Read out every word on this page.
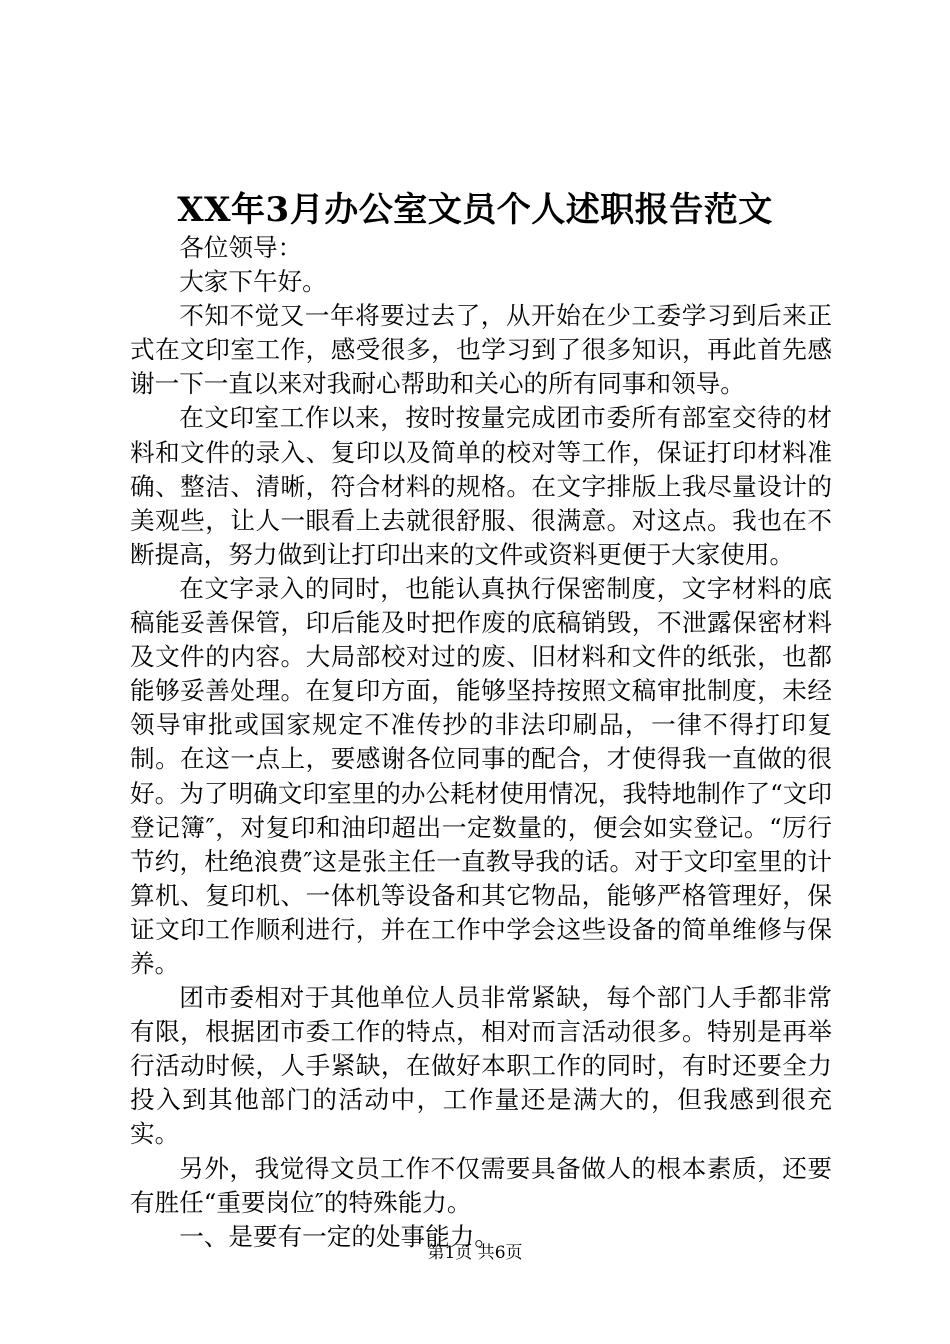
XX年3月办公室文员个人述职报告范文

各位领导：

大家下午好。

不知不觉又一年将要过去了，从开始在少工委学习到后来正式在文印室工作，感受很多，也学习到了很多知识，再此首先感谢一下一直以来对我耐心帮助和关心的所有同事和领导。

在文印室工作以来，按时按量完成团市委所有部室交待的材料和文件的录入、复印以及简单的校对等工作，保证打印材料准确、整洁、清晰，符合材料的规格。在文字排版上我尽量设计的美观些，让人一眼看上去就很舒服、很满意。对这点。我也在不断提高，努力做到让打印出来的文件或资料更便于大家使用。

在文字录入的同时，也能认真执行保密制度，文字材料的底稿能妥善保管，印后能及时把作废的底稿销毁，不泄露保密材料及文件的内容。大局部校对过的废、旧材料和文件的纸张，也都能够妥善处理。在复印方面，能够坚持按照文稿审批制度，未经领导审批或国家规定不准传抄的非法印刷品，一律不得打印复制。在这一点上，要感谢各位同事的配合，才使得我一直做的很好。为了明确文印室里的办公耗材使用情况，我特地制作了“文印登记簿″，对复印和油印超出一定数量的，便会如实登记。“厉行节约，杜绝浪费″这是张主任一直教导我的话。对于文印室里的计算机、复印机、一体机等设备和其它物品，能够严格管理好，保证文印工作顺利进行，并在工作中学会这些设备的简单维修与保养。

团市委相对于其他单位人员非常紧缺，每个部门人手都非常有限，根据团市委工作的特点，相对而言活动很多。特别是再举行活动时候，人手紧缺，在做好本职工作的同时，有时还要全力投入到其他部门的活动中，工作量还是满大的，但我感到很充实。

另外，我觉得文员工作不仅需要具备做人的根本素质，还要有胜任“重要岗位″的特殊能力。

一、是要有一定的处事能力。

第1页 共6页
